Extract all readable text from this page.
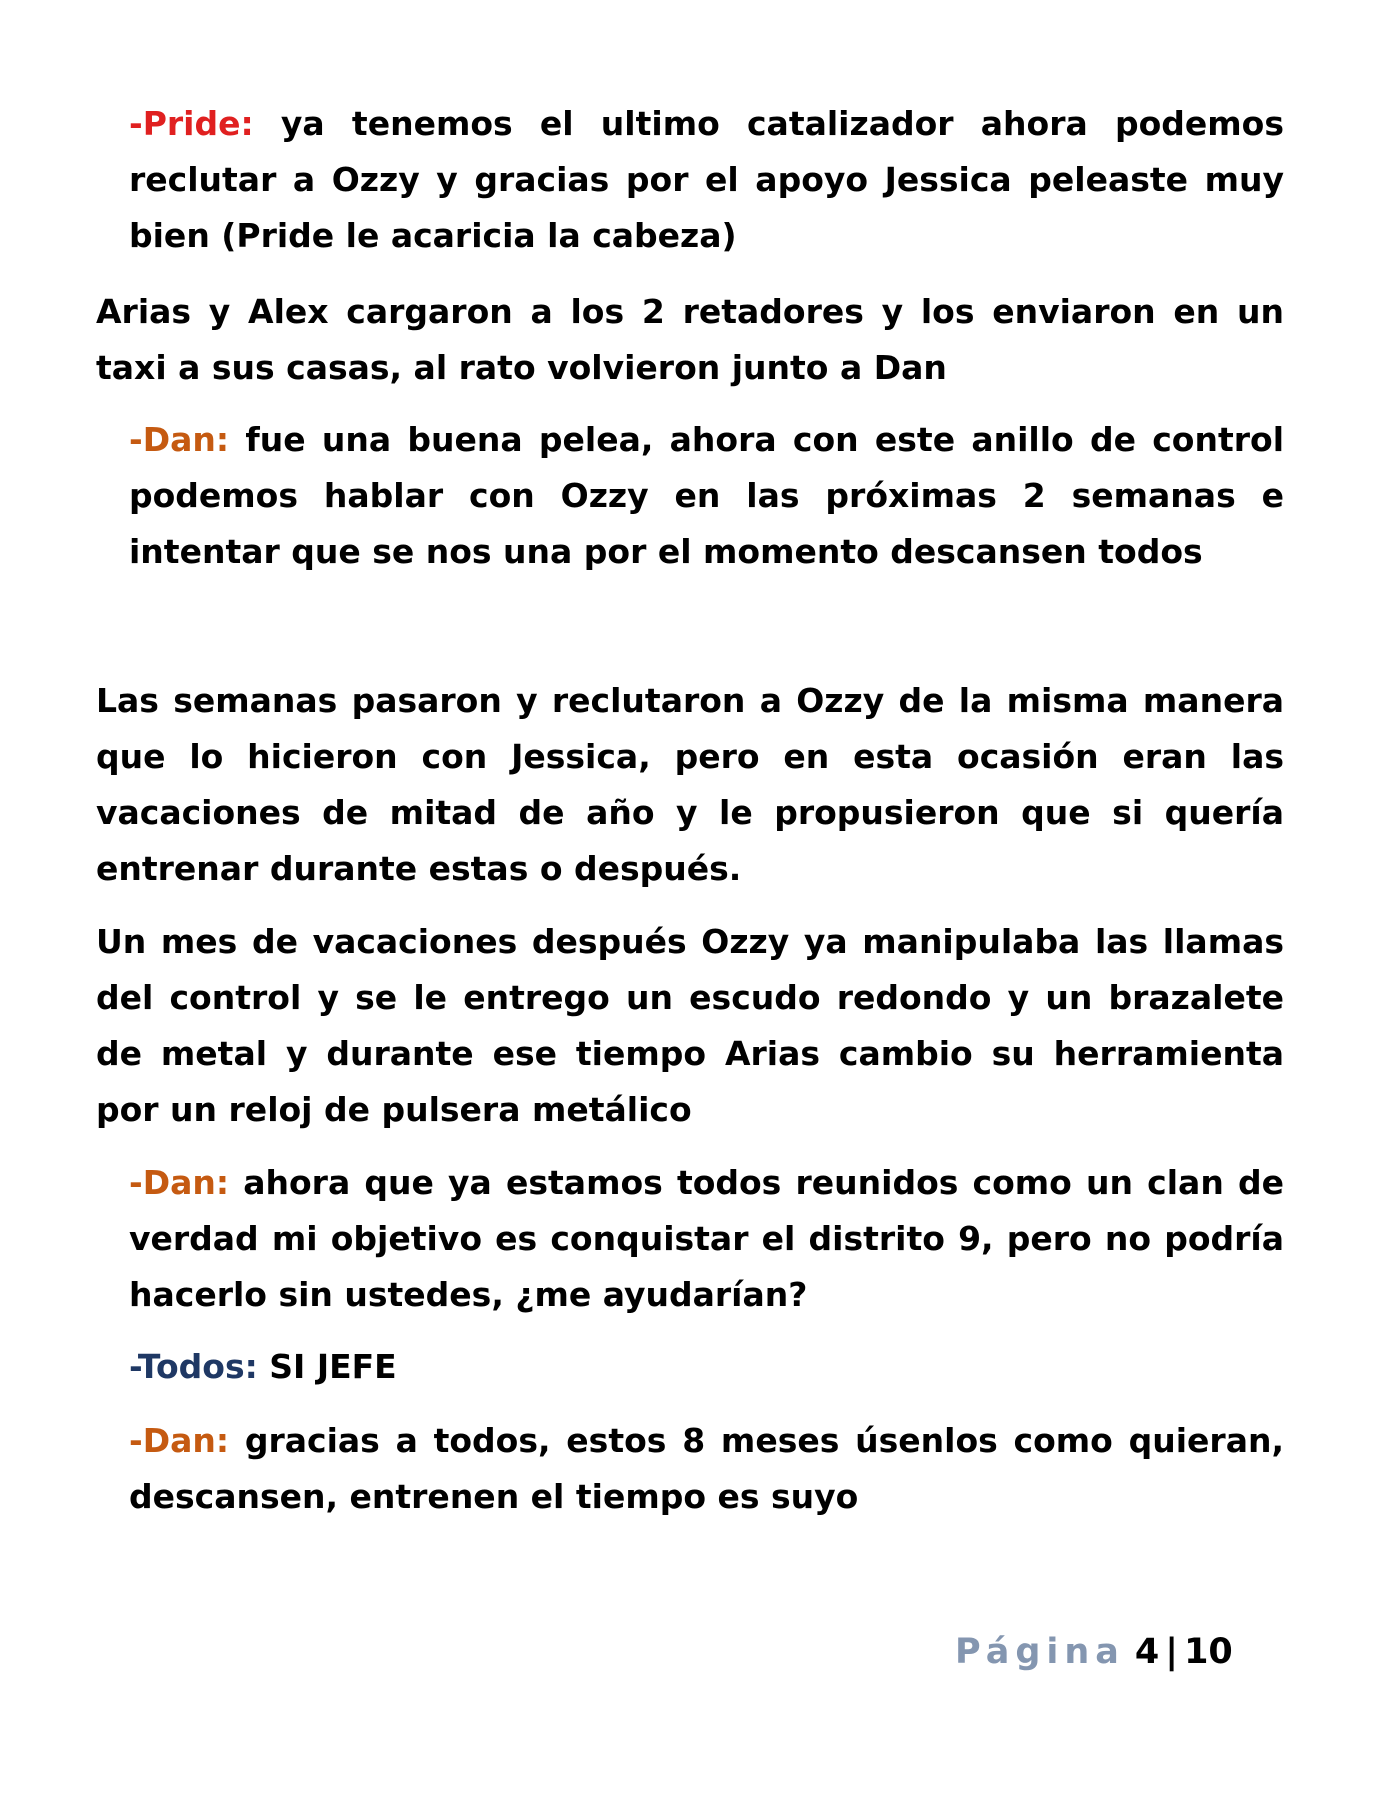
-Pride: ya tenemos el ultimo catalizador ahora podemos reclutar a Ozzy y gracias por el apoyo Jessica peleaste muy bien (Pride le acaricia la cabeza)

Arias y Alex cargaron a los 2 retadores y los enviaron en un taxi a sus casas, al rato volvieron junto a Dan

-Dan: fue una buena pelea, ahora con este anillo de control podemos hablar con Ozzy en las próximas 2 semanas e intentar que se nos una por el momento descansen todos

Las semanas pasaron y reclutaron a Ozzy de la misma manera que lo hicieron con Jessica, pero en esta ocasión eran las vacaciones de mitad de año y le propusieron que si quería entrenar durante estas o después.

Un mes de vacaciones después Ozzy ya manipulaba las llamas del control y se le entrego un escudo redondo y un brazalete de metal y durante ese tiempo Arias cambio su herramienta por un reloj de pulsera metálico

-Dan: ahora que ya estamos todos reunidos como un clan de verdad mi objetivo es conquistar el distrito 9, pero no podría hacerlo sin ustedes, ¿me ayudarían?

-Todos: SI JEFE

-Dan: gracias a todos, estos 8 meses úsenlos como quieran, descansen, entrenen el tiempo es suyo

Página 4 | 10
